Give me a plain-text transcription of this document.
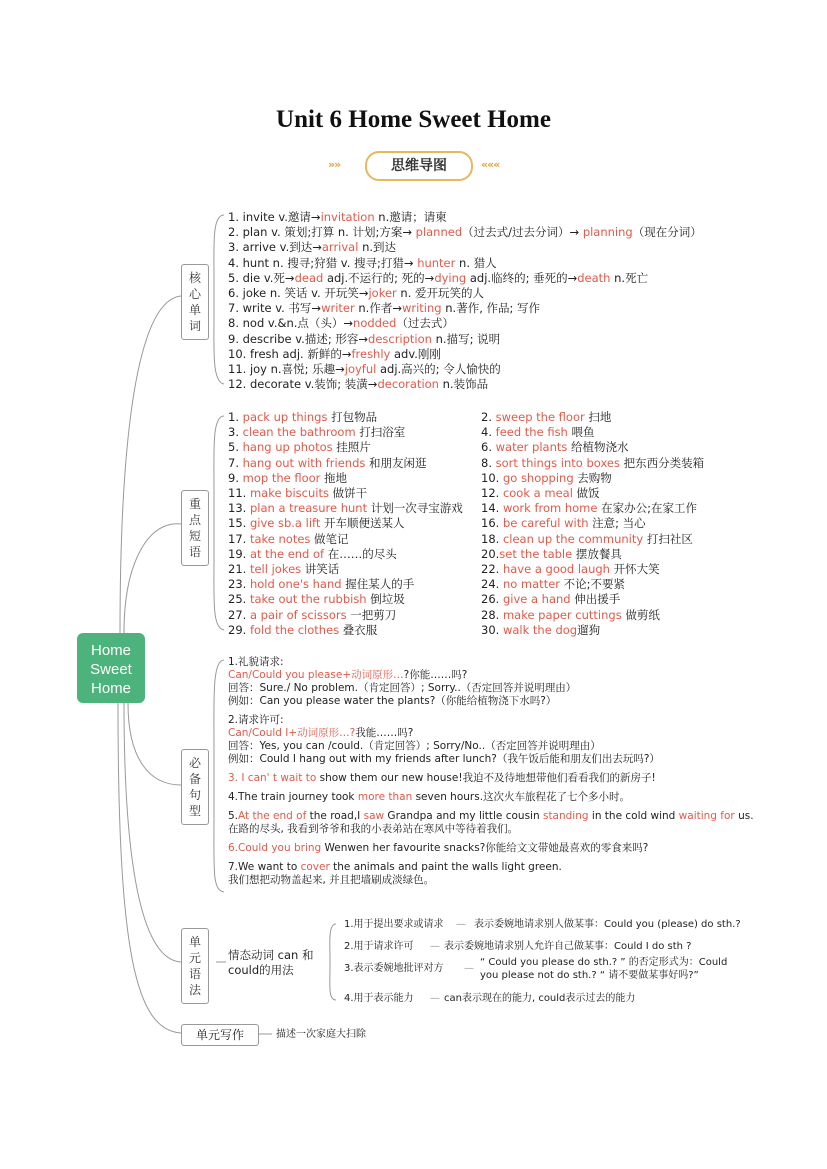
Unit 6 Home Sweet Home
»»	思维导图	«««
Home
Sweet
Home
核
心
单
词
重
点
短
语
必
备
句
型
单
元
语
法
单元写作
1. invite v.邀请→invitation n.邀请；请柬
2. plan v. 策划;打算 n. 计划;方案→ planned（过去式/过去分词）→ planning（现在分词）
3. arrive v.到达→arrival n.到达
4. hunt n. 搜寻;狩猎 v. 搜寻;打猎→ hunter n. 猎人
5. die v.死→dead adj.不运行的; 死的→dying adj.临终的; 垂死的→death n.死亡
6. joke n. 笑话 v. 开玩笑→joker n. 爱开玩笑的人
7. write v. 书写→writer n.作者→writing n.著作, 作品; 写作
8. nod v.&n.点（头）→nodded（过去式）
9. describe v.描述; 形容→description n.描写; 说明
10. fresh adj. 新鲜的→freshly adv.刚刚
11. joy n.喜悦; 乐趣→joyful adj.高兴的; 令人愉快的
12. decorate v.装饰; 装潢→decoration n.装饰品
1. pack up things 打包物品
3. clean the bathroom 打扫浴室
5. hang up photos 挂照片
7. hang out with friends 和朋友闲逛
9. mop the floor 拖地
11. make biscuits 做饼干
13. plan a treasure hunt 计划一次寻宝游戏
15. give sb.a lift 开车顺便送某人
17. take notes 做笔记
19. at the end of 在……的尽头
21. tell jokes 讲笑话
23. hold one's hand 握住某人的手
25. take out the rubbish 倒垃圾
27. a pair of scissors 一把剪刀
29. fold the clothes 叠衣服
2. sweep the floor 扫地
4. feed the fish 喂鱼
6. water plants 给植物浇水
8. sort things into boxes 把东西分类装箱
10. go shopping 去购物
12. cook a meal 做饭
14. work from home 在家办公;在家工作
16. be careful with 注意; 当心
18. clean up the community 打扫社区
20.set the table 摆放餐具
22. have a good laugh 开怀大笑
24. no matter 不论;不要紧
26. give a hand 伸出援手
28. make paper cuttings 做剪纸
30. walk the dog遛狗
1.礼貌请求:
Can/Could you please+动词原形…?你能……吗?
回答：Sure./ No problem.（肯定回答）; Sorry..（否定回答并说明理由）
例如：Can you please water the plants?（你能给植物浇下水吗?）
2.请求许可:
Can/Could I+动词原形…?我能……吗?
回答：Yes, you can /could.（肯定回答）; Sorry/No..（否定回答并说明理由）
例如：Could I hang out with my friends after lunch?（我午饭后能和朋友们出去玩吗?）
3. I can' t wait to show them our new house!我迫不及待地想带他们看看我们的新房子!
4.The train journey took more than seven hours.这次火车旅程花了七个多小时。
5.At the end of the road,I saw Grandpa and my little cousin standing in the cold wind waiting for us.
在路的尽头, 我看到爷爷和我的小表弟站在寒风中等待着我们。
6.Could you bring Wenwen her favourite snacks?你能给文文带她最喜欢的零食来吗?
7.We want to cover the animals and paint the walls light green.
我们想把动物盖起来, 并且把墙刷成淡绿色。
情态动词 can 和
could的用法
1.用于提出要求或请求 — 表示委婉地请求别人做某事：Could you (please) do sth.?
2.用于请求许可 — 表示委婉地请求别人允许自己做某事：Could I do sth ?
3.表示委婉地批评对方 —
“ Could you please do sth.? ” 的否定形式为：Could
you please not do sth.? “ 请不要做某事好吗?”
4.用于表示能力 — can表示现在的能力, could表示过去的能力
描述一次家庭大扫除
